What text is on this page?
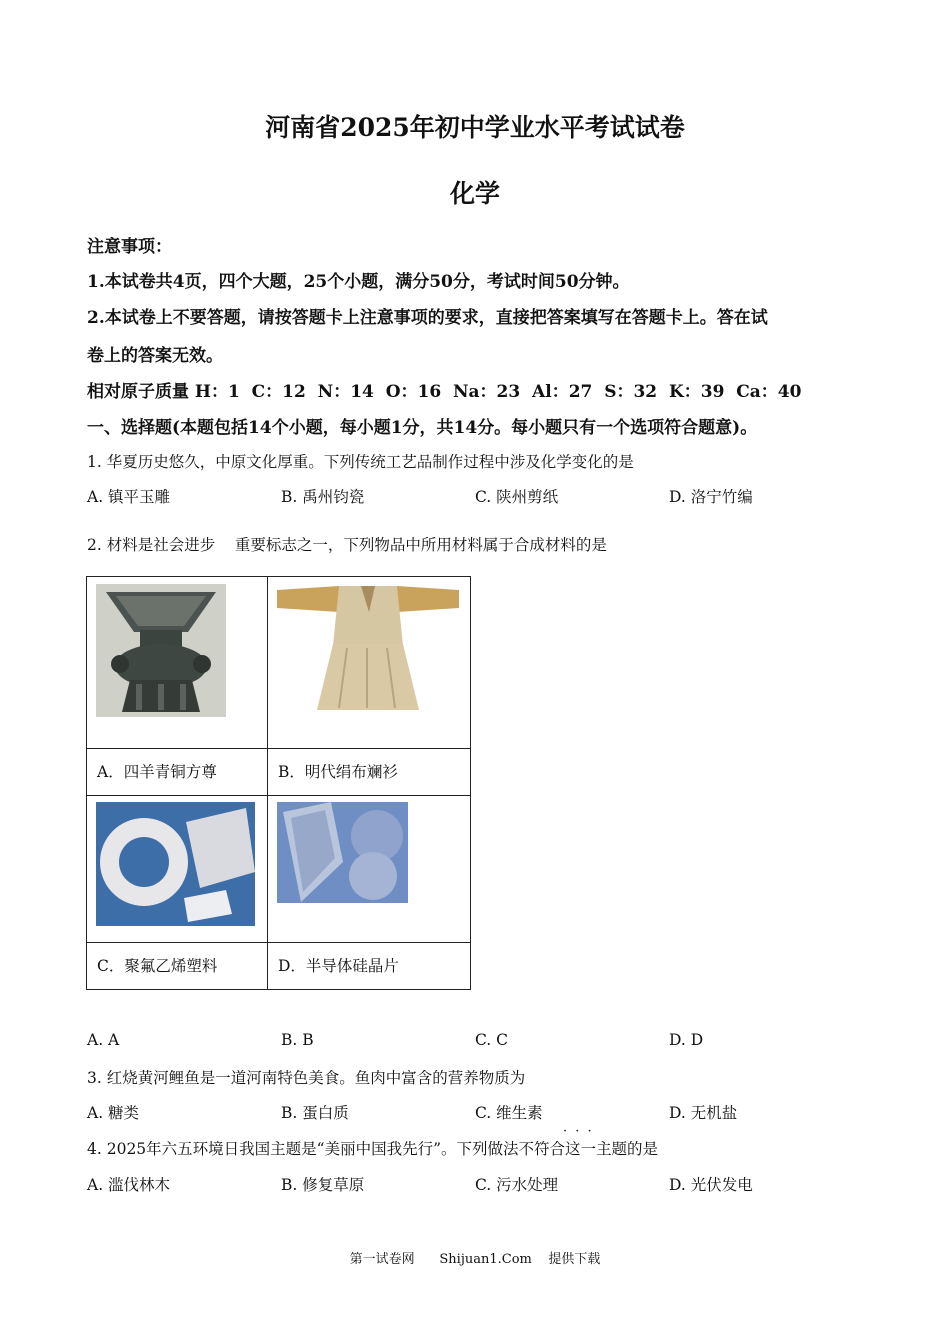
河南省2025年初中学业水平考试试卷
化学
注意事项：
1.本试卷共4页，四个大题，25个小题，满分50分，考试时间50分钟。
2.本试卷上不要答题，请按答题卡上注意事项的要求，直接把答案填写在答题卡上。答在试
卷上的答案无效。
相对原子质量 H：1  C：12  N：14  O：16  Na：23  Al：27  S：32  K：39  Ca：40
一、选择题(本题包括14个小题，每小题1分，共14分。每小题只有一个选项符合题意)。
1. 华夏历史悠久，中原文化厚重。下列传统工艺品制作过程中涉及化学变化的是
A. 镇平玉雕	B. 禹州钧瓷	C. 陕州剪纸	D. 洛宁竹编
2. 材料是社会进步    重要标志之一，下列物品中所用材料属于合成材料的是

A．四羊青铜方尊	B．明代绢布斓衫

C．聚氟乙烯塑料	D．半导体硅晶片
A. A	B. B	C. C	D. D
3. 红烧黄河鲤鱼是一道河南特色美食。鱼肉中富含的营养物质为
A. 糖类	B. 蛋白质	C. 维生素	D. 无机盐
· · ·
4. 2025年六五环境日我国主题是“美丽中国我先行”。下列做法不符合这一主题的是
A. 滥伐林木	B. 修复草原	C. 污水处理	D. 光伏发电
第一试卷网      Shijuan1.Com    提供下载
